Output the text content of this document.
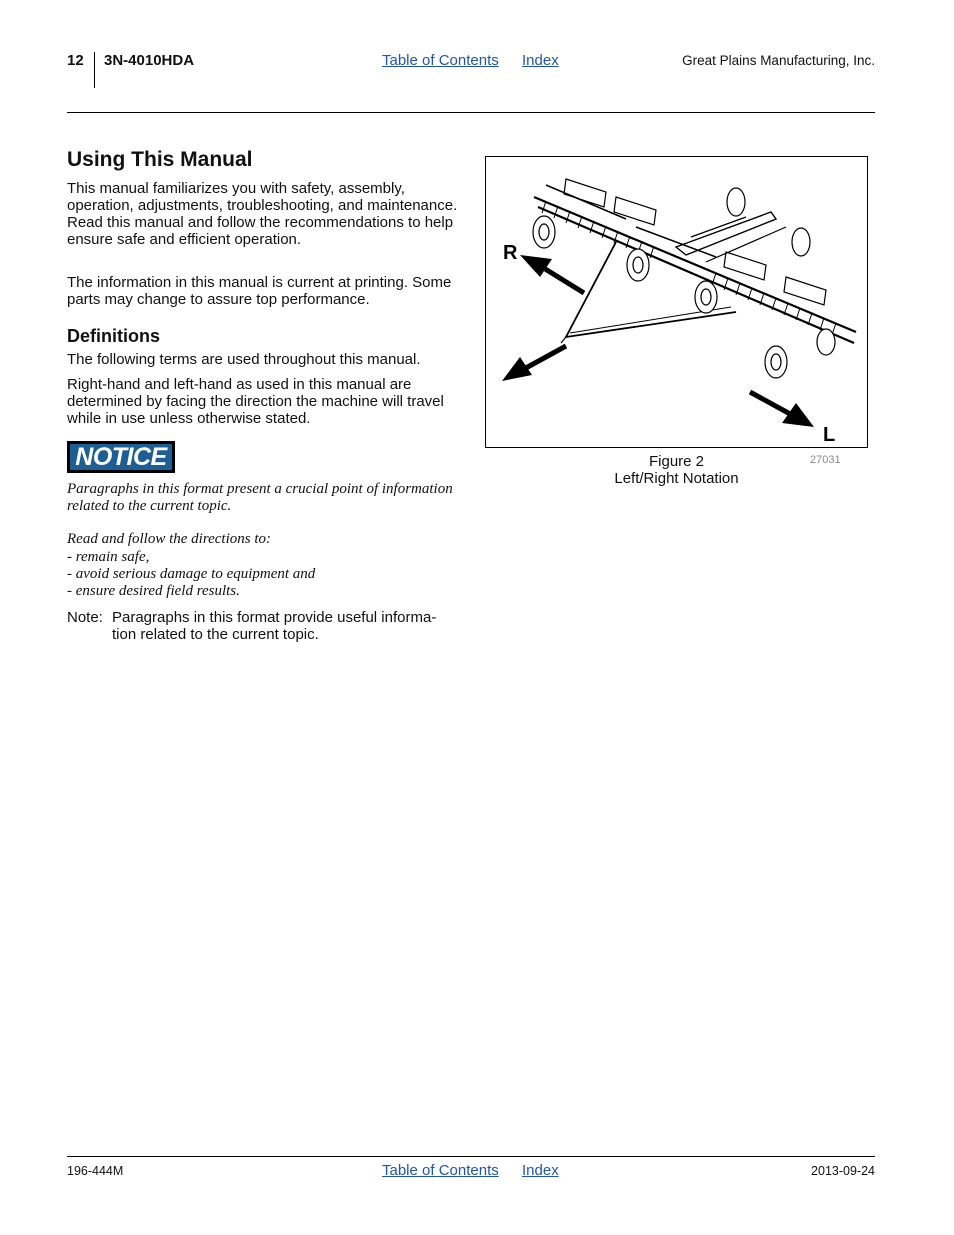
12 3N-4010HDA	Table of Contents Index	Great Plains Manufacturing, Inc.
Using This Manual

This manual familiarizes you with safety, assembly, operation, adjustments, troubleshooting, and maintenance. Read this manual and follow the recommendations to help ensure safe and efficient operation.

The information in this manual is current at printing. Some parts may change to assure top performance.

Definitions

The following terms are used throughout this manual.

Right-hand and left-hand as used in this manual are determined by facing the direction the machine will travel while in use unless otherwise stated.

NOTICE

Paragraphs in this format present a crucial point of information related to the current topic.

Read and follow the directions to:

- remain safe,

- avoid serious damage to equipment and

- ensure desired field results.

Note: Paragraphs in this format provide useful informa-tion related to the current topic.
R
L
Figure 2
Left/Right Notation
27031
196-444M	Table of Contents Index	2013-09-24
